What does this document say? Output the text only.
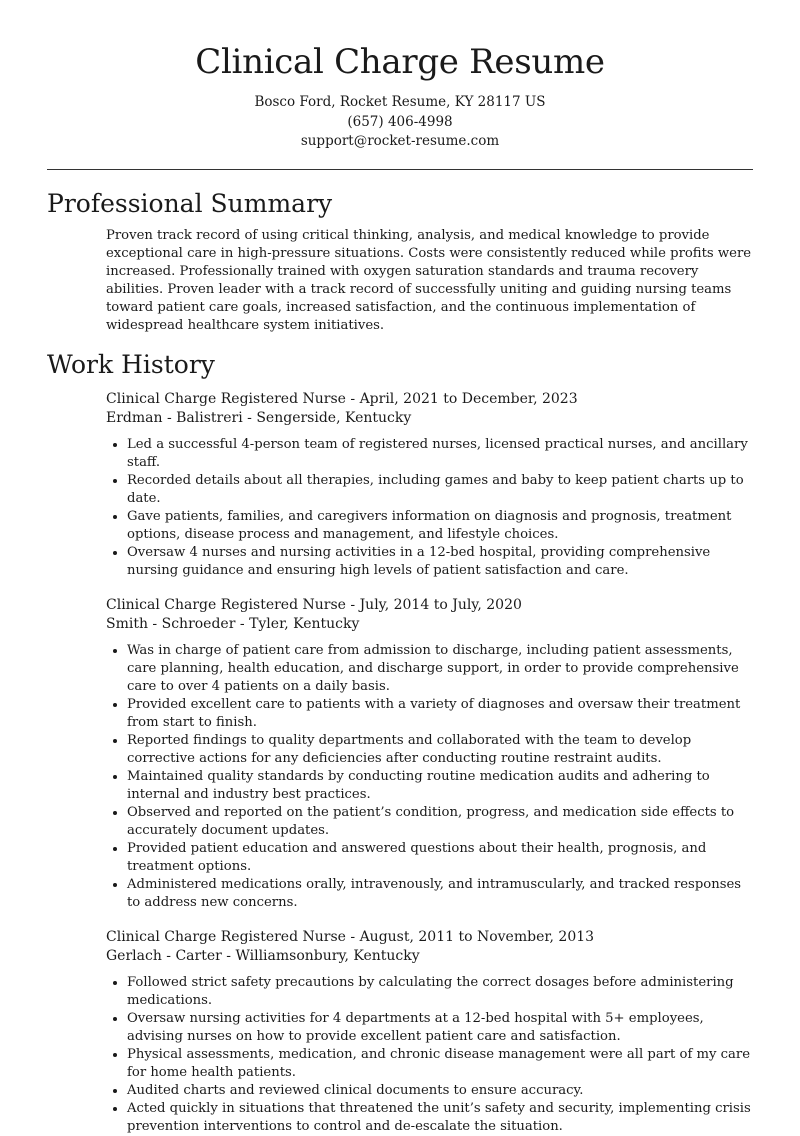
Clinical Charge Resume

Bosco Ford, Rocket Resume, KY 28117 US

(657) 406-4998

support@rocket-resume.com

Professional Summary

Proven track record of using critical thinking, analysis, and medical knowledge to provide exceptional care in high-pressure situations. Costs were consistently reduced while profits were increased. Professionally trained with oxygen saturation standards and trauma recovery abilities. Proven leader with a track record of successfully uniting and guiding nursing teams toward patient care goals, increased satisfaction, and the continuous implementation of widespread healthcare system initiatives.

Work History

Clinical Charge Registered Nurse - April, 2021 to December, 2023

Erdman - Balistreri - Sengerside, Kentucky

• Led a successful 4-person team of registered nurses, licensed practical nurses, and ancillary staff.
• Recorded details about all therapies, including games and baby to keep patient charts up to date.
• Gave patients, families, and caregivers information on diagnosis and prognosis, treatment options, disease process and management, and lifestyle choices.
• Oversaw 4 nurses and nursing activities in a 12-bed hospital, providing comprehensive nursing guidance and ensuring high levels of patient satisfaction and care.

Clinical Charge Registered Nurse - July, 2014 to July, 2020

Smith - Schroeder - Tyler, Kentucky

• Was in charge of patient care from admission to discharge, including patient assessments, care planning, health education, and discharge support, in order to provide comprehensive care to over 4 patients on a daily basis.
• Provided excellent care to patients with a variety of diagnoses and oversaw their treatment from start to finish.
• Reported findings to quality departments and collaborated with the team to develop corrective actions for any deficiencies after conducting routine restraint audits.
• Maintained quality standards by conducting routine medication audits and adhering to internal and industry best practices.
• Observed and reported on the patient’s condition, progress, and medication side effects to accurately document updates.
• Provided patient education and answered questions about their health, prognosis, and treatment options.
• Administered medications orally, intravenously, and intramuscularly, and tracked responses to address new concerns.

Clinical Charge Registered Nurse - August, 2011 to November, 2013

Gerlach - Carter - Williamsonbury, Kentucky

• Followed strict safety precautions by calculating the correct dosages before administering medications.
• Oversaw nursing activities for 4 departments at a 12-bed hospital with 5+ employees, advising nurses on how to provide excellent patient care and satisfaction.
• Physical assessments, medication, and chronic disease management were all part of my care for home health patients.
• Audited charts and reviewed clinical documents to ensure accuracy.
• Acted quickly in situations that threatened the unit’s safety and security, implementing crisis prevention interventions to control and de-escalate the situation.
